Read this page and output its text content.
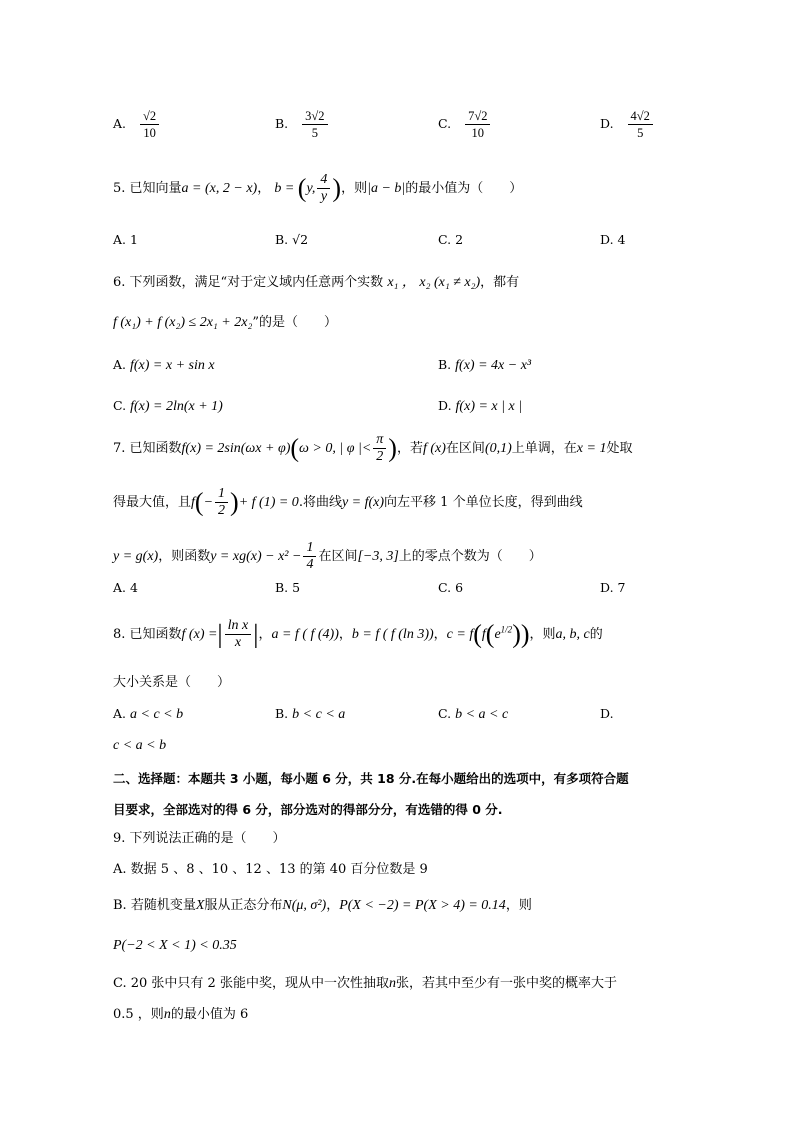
A. $\frac{√2}{10}$	B. $\frac{3√2}{5}$	C. $\frac{7√2}{10}$	D. $\frac{4√2}{5}$
5. 已知向量a = (x, 2 − x)， b = (y, $\frac{4}{y}$ )，则|a − b|的最小值为（　　）
A. 1	B. √2	C. 2	D. 4
6. 下列函数，满足“对于定义域内任意两个实数 x₁ ， x₂ (x₁ ≠ x₂)，都有
f (x₁) + f (x₂) ≤ 2x₁ + 2x₂”的是（　　）
A. f(x) = x + sin x	B. f(x) = 4x − x³
C. f(x) = 2ln(x + 1)	D. f(x) = x | x |
7. 已知函数f(x) = 2sin(ωx + φ)(ω > 0, | φ |< $\frac{\pi}{2}$ )，若f (x)在区间(0,1)上单调，在x = 1处取
得最大值，且$f(- \frac{1}{2}$ )+ f (1) = 0.将曲线y = f(x)向左平移 1 个单位长度，得到曲线
y = g(x)，则函数$y = xg(x) - x^2 - \frac{1}{4}$ 在区间[−3, 3]上的零点个数为（　　）
A. 4	B. 5	C. 6	D. 7
8. 已知函数f (x) =| $\frac{\text{ln x}}{x}$ |，a = f ( f (4))，b = f ( f (ln 3))，$c = f(f(e^{1/2}))$，则a, b, c的
大小关系是（　　）
A. a < c < b	B. b < c < a	C. b < a < c	D.
c < a < b
二、选择题：本题共 3 小题，每小题 6 分，共 18 分.在每小题给出的选项中，有多项符合题
目要求，全部选对的得 6 分，部分选对的得部分分，有选错的得 0 分.
9. 下列说法正确的是（　　）
A. 数据 5 、8 、10 、12 、13 的第 40 百分位数是 9
B. 若随机变量X服从正态分布N(μ, σ²)，P(X < −2) = P(X > 4) = 0.14，则
P(−2 < X < 1) < 0.35
C. 20 张中只有 2 张能中奖，现从中一次性抽取n张，若其中至少有一张中奖的概率大于
0.5 ，则n的最小值为 6
